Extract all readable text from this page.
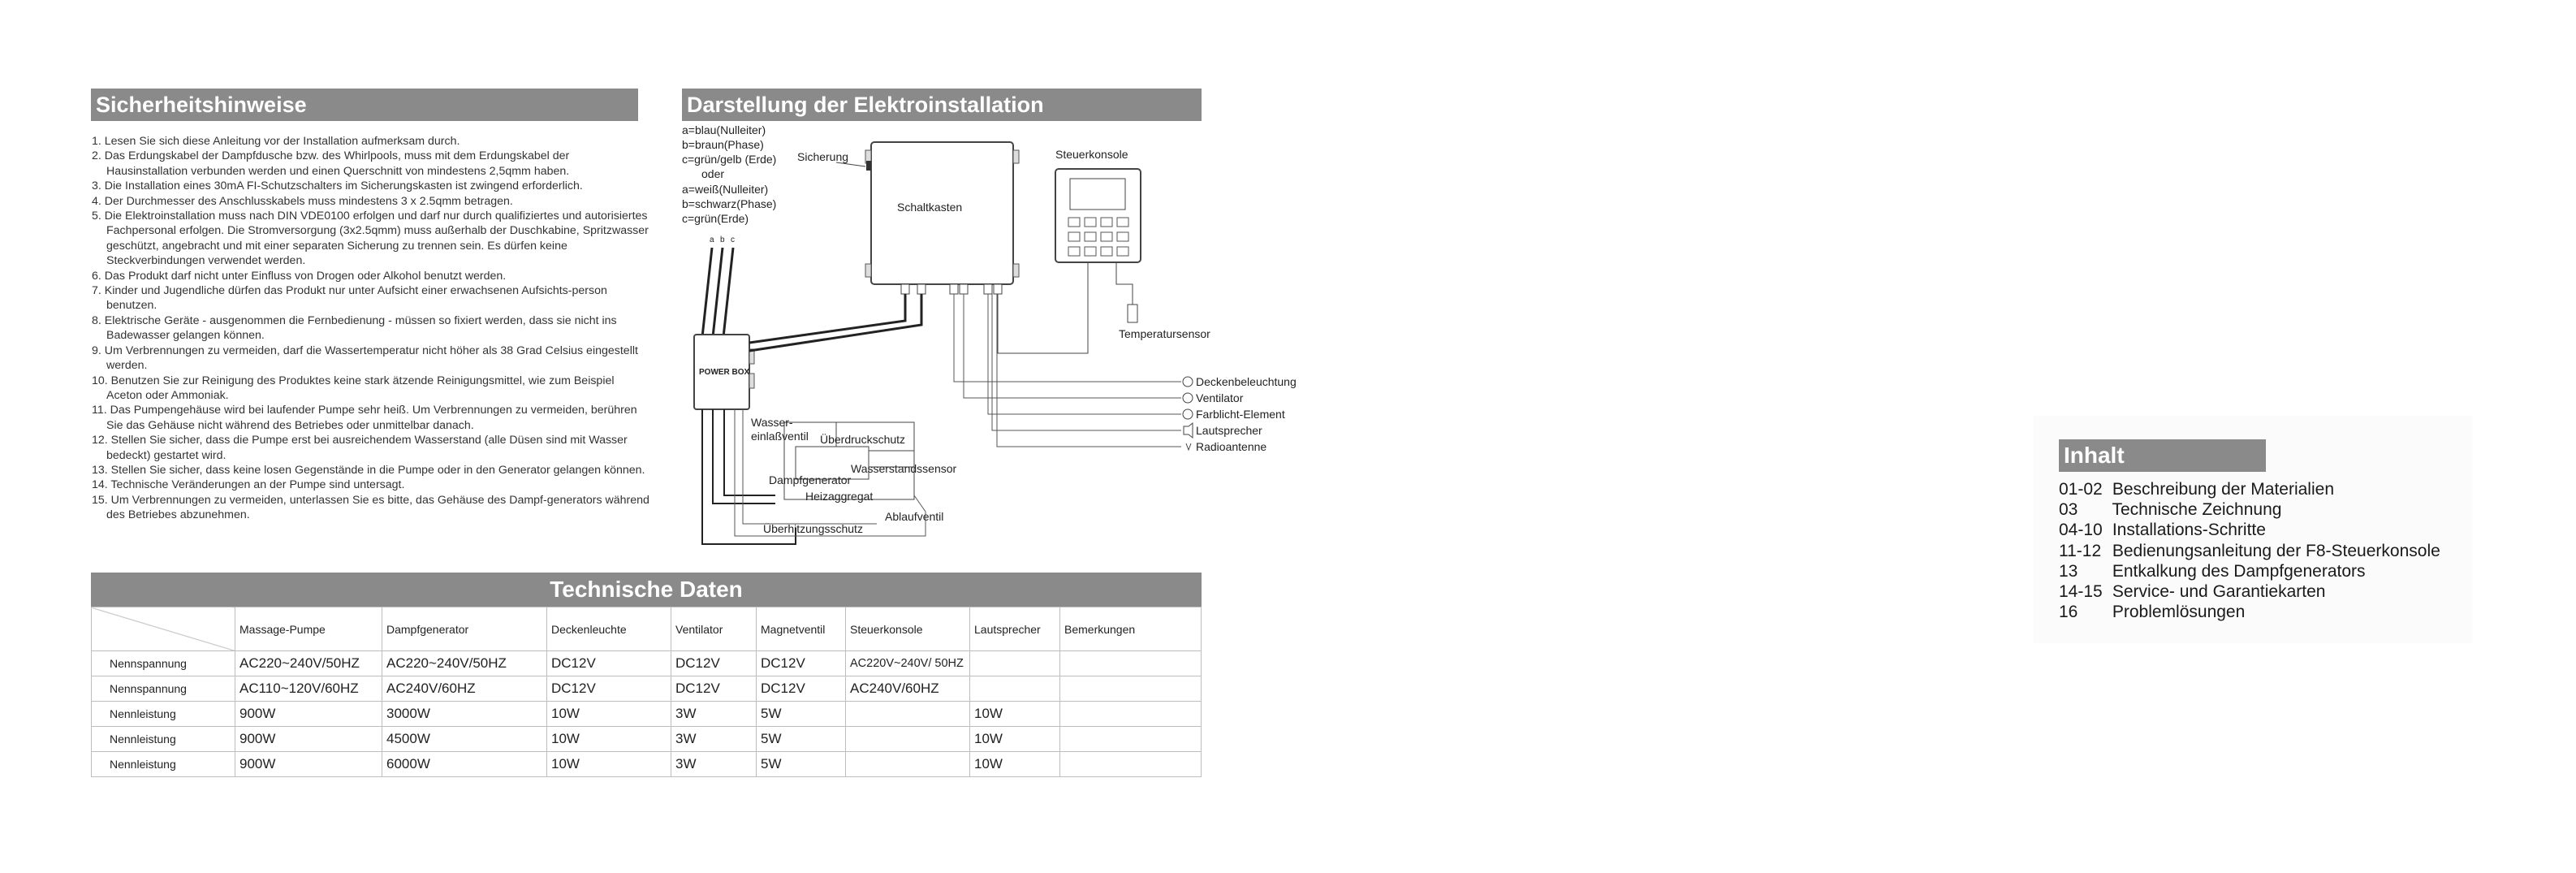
Sicherheitshinweise
1. Lesen Sie sich diese Anleitung vor der Installation aufmerksam durch.
2. Das Erdungskabel der Dampfdusche bzw. des Whirlpools, muss mit dem Erdungskabel der Hausinstallation verbunden werden und einen Querschnitt von mindestens 2,5qmm haben.
3. Die Installation eines 30mA FI-Schutzschalters im Sicherungskasten ist zwingend erforderlich.
4. Der Durchmesser des Anschlusskabels muss mindestens 3 x 2.5qmm betragen.
5. Die Elektroinstallation muss nach DIN VDE0100 erfolgen und darf nur durch qualifiziertes und autorisiertes Fachpersonal erfolgen. Die Stromversorgung (3x2.5qmm) muss außerhalb der Duschkabine, Spritzwasser geschützt, angebracht und mit einer separaten Sicherung zu trennen sein. Es dürfen keine Steckverbindungen verwendet werden.
6. Das Produkt darf nicht unter Einfluss von Drogen oder Alkohol benutzt werden.
7. Kinder und Jugendliche dürfen das Produkt nur unter Aufsicht einer erwachsenen Aufsichts-person benutzen.
8. Elektrische Geräte - ausgenommen die Fernbedienung - müssen so fixiert werden, dass sie nicht ins Badewasser gelangen können.
9. Um Verbrennungen zu vermeiden, darf die Wassertemperatur nicht höher als 38 Grad Celsius eingestellt werden.
10. Benutzen Sie zur Reinigung des Produktes keine stark ätzende Reinigungsmittel, wie zum Beispiel Aceton oder Ammoniak.
11. Das Pumpengehäuse wird bei laufender Pumpe sehr heiß. Um Verbrennungen zu vermeiden, berühren Sie das Gehäuse nicht während des Betriebes oder unmittelbar danach.
12. Stellen Sie sicher, dass die Pumpe erst bei ausreichendem Wasserstand (alle Düsen sind mit Wasser bedeckt) gestartet wird.
13. Stellen Sie sicher, dass keine losen Gegenstände in die Pumpe oder in den Generator gelangen können.
14. Technische Veränderungen an der Pumpe sind untersagt.
15. Um Verbrennungen zu vermeiden, unterlassen Sie es bitte, das Gehäuse des Dampf-generators während des Betriebes abzunehmen.
Darstellung der Elektroinstallation
a=blau(Nulleiter)
b=braun(Phase)
c=grün/gelb (Erde)
oder
a=weiß(Nulleiter)
b=schwarz(Phase)
c=grün(Erde)
a b c
Schaltkasten
Sicherung	Steuerkonsole
Temperatursensor
POWER BOX
Deckenbeleuchtung
Ventilator
Farblicht-Element
Lautsprecher
Radioantenne
Wasser-
einlaßventil Überdruckschutz
Wasserstandssensor
Dampfgenerator
Heizaggregat
Ablaufventil
Überhitzungsschutz
Technische Daten
	Massage-Pumpe	Dampfgenerator	Deckenleuchte	Ventilator	Magnetventil	Steuerkonsole	Lautsprecher	Bemerkungen
Nennspannung	AC220~240V/50HZ	AC220~240V/50HZ	DC12V	DC12V	DC12V	AC220V~240V/ 50HZ		
Nennspannung	AC110~120V/60HZ	AC240V/60HZ	DC12V	DC12V	DC12V	AC240V/60HZ		
Nennleistung	900W	3000W	10W	3W	5W		10W	
Nennleistung	900W	4500W	10W	3W	5W		10W	
Nennleistung	900W	6000W	10W	3W	5W		10W	
Inhalt
01-02 Beschreibung der Materialien
03 Technische Zeichnung
04-10 Installations-Schritte
11-12 Bedienungsanleitung der F8-Steuerkonsole
13 Entkalkung des Dampfgenerators
14-15 Service- und Garantiekarten
16 Problemlösungen
